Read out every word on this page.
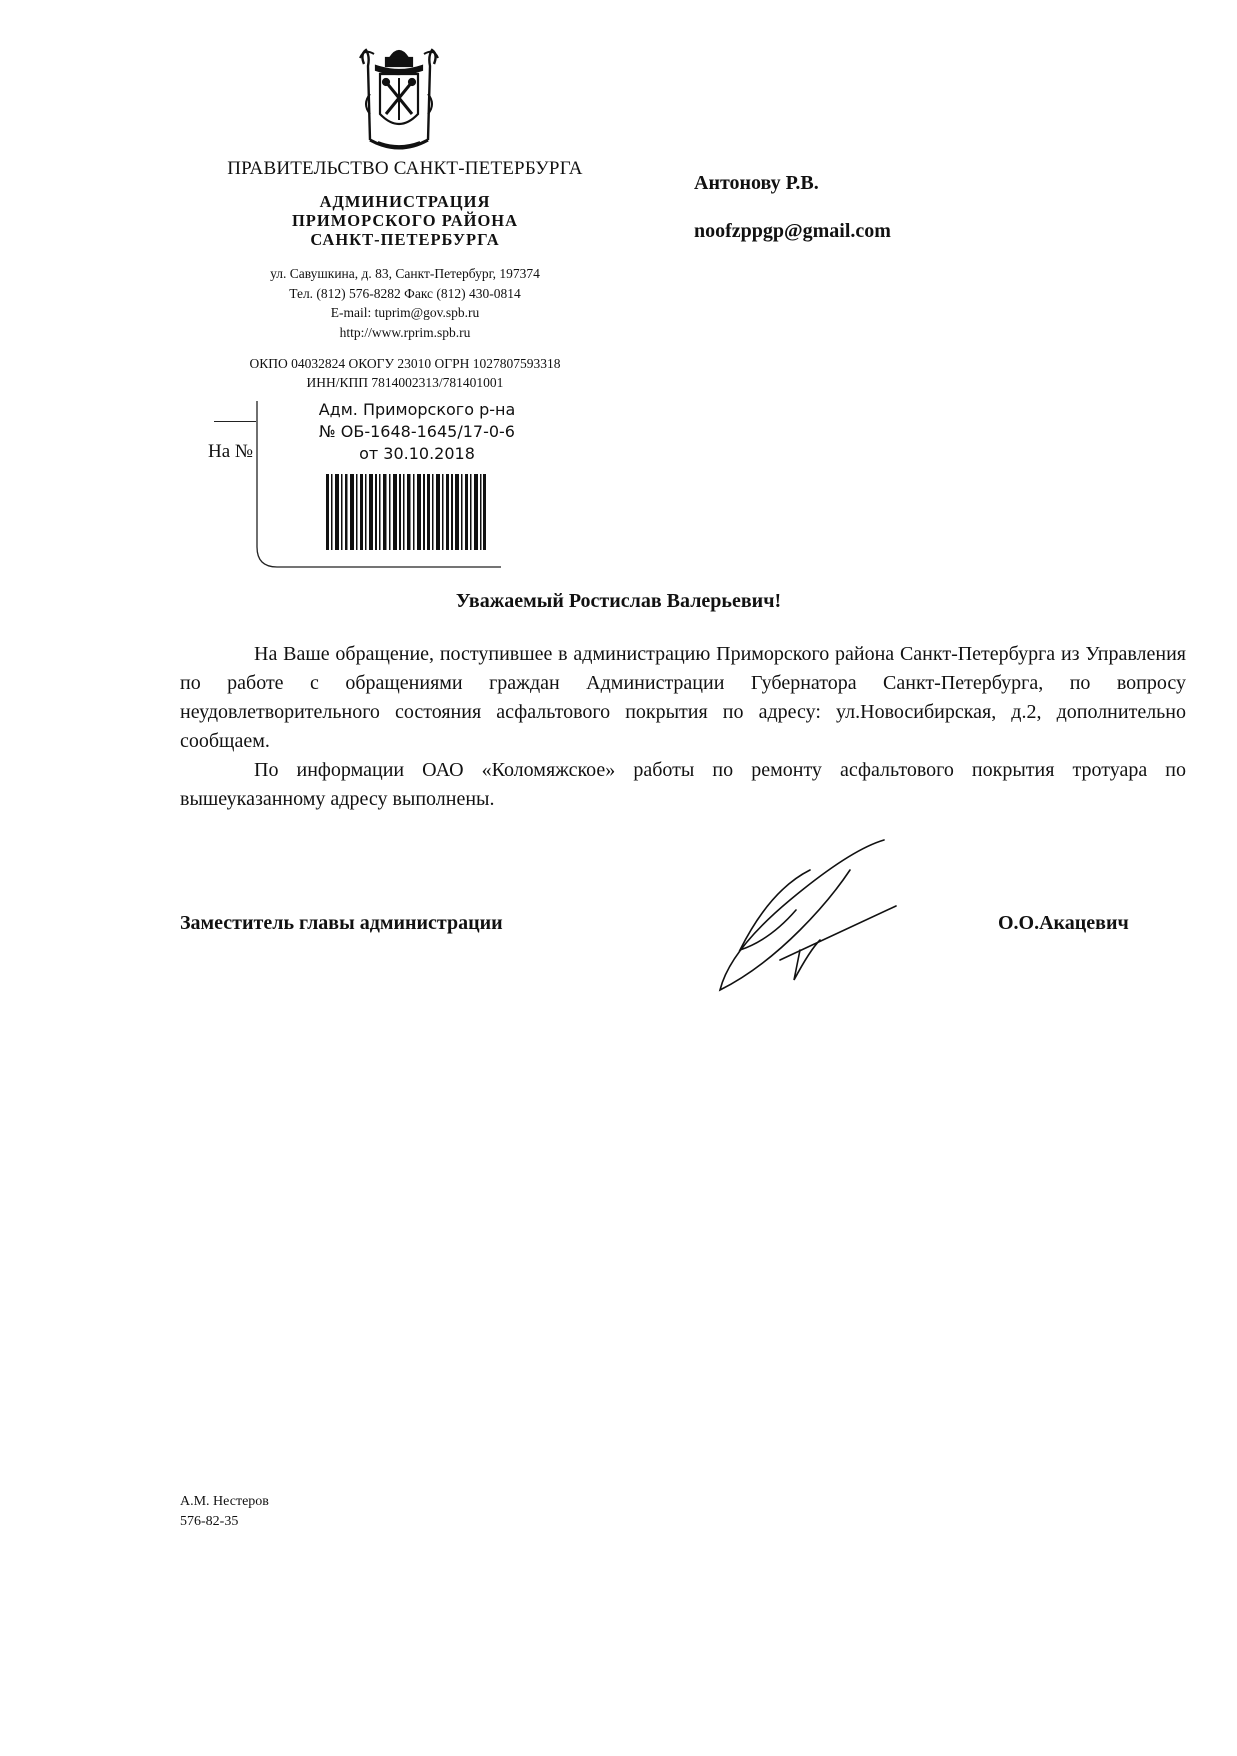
ПРАВИТЕЛЬСТВО САНКТ-ПЕТЕРБУРГА
АДМИНИСТРАЦИЯ
ПРИМОРСКОГО РАЙОНА
САНКТ-ПЕТЕРБУРГА
ул. Савушкина, д. 83, Санкт-Петербург, 197374
Тел. (812) 576-8282 Факс (812) 430-0814
E-mail: tuprim@gov.spb.ru
http://www.rprim.spb.ru
ОКПО 04032824 ОКОГУ 23010 ОГРН 1027807593318
ИНН/КПП 7814002313/781401001
Антонову Р.В.
noofzppgp@gmail.com
На №
Адм. Приморского р-на
№ ОБ-1648-1645/17-0-6
от 30.10.2018
Уважаемый Ростислав Валерьевич!
На Ваше обращение, поступившее в администрацию Приморского района Санкт-Петербурга из Управления по работе с обращениями граждан Администрации Губернатора Санкт-Петербурга, по вопросу неудовлетворительного состояния асфальтового покрытия по адресу: ул.Новосибирская, д.2, дополнительно сообщаем.
По информации ОАО «Коломяжское» работы по ремонту асфальтового покрытия тротуара по вышеуказанному адресу выполнены.
Заместитель главы администрации	О.О.Акацевич
А.М. Нестеров
576-82-35
